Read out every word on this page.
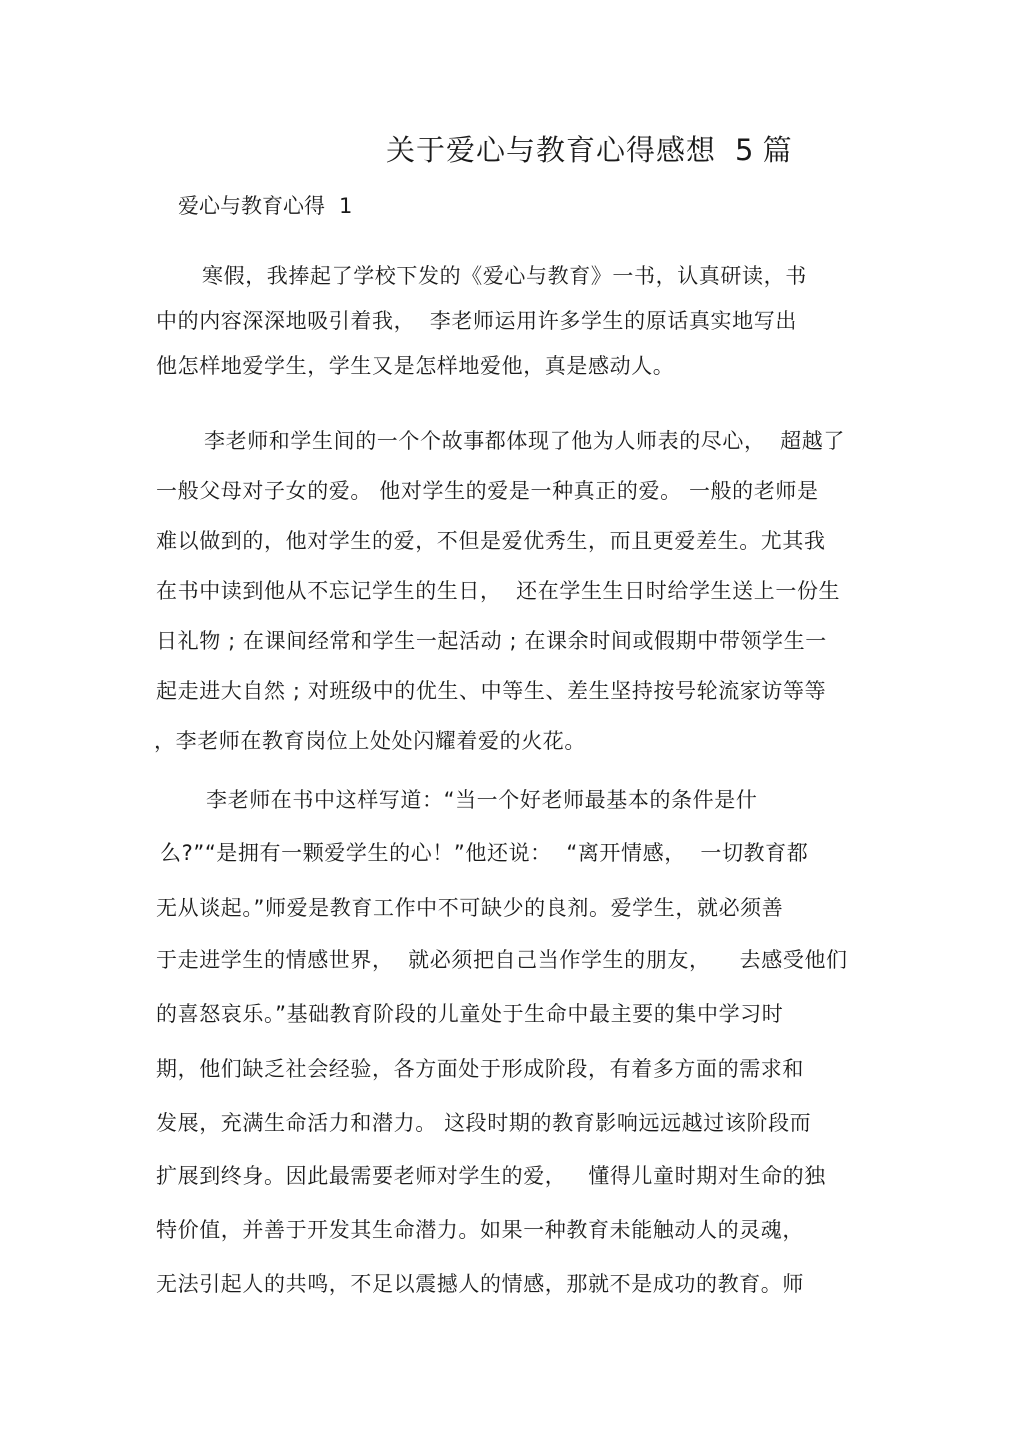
关于爱心与教育心得感想 5 篇
爱心与教育心得 1
寒假，我捧起了学校下发的《爱心与教育》一书，认真研读，书
中的内容深深地吸引着我，  李老师运用许多学生的原话真实地写出
他怎样地爱学生，学生又是怎样地爱他，真是感动人。
李老师和学生间的一个个故事都体现了他为人师表的尽心，  超越了
一般父母对子女的爱。 他对学生的爱是一种真正的爱。 一般的老师是
难以做到的，他对学生的爱，不但是爱优秀生，而且更爱差生。尤其我
在书中读到他从不忘记学生的生日，  还在学生生日时给学生送上一份生
日礼物 ; 在课间经常和学生一起活动 ; 在课余时间或假期中带领学生一
起走进大自然 ; 对班级中的优生、中等生、差生坚持按号轮流家访等等
，李老师在教育岗位上处处闪耀着爱的火花。
李老师在书中这样写道：“当一个好老师最基本的条件是什
么?”“是拥有一颗爱学生的心！”他还说：  “离开情感，  一切教育都
无从谈起。”师爱是教育工作中不可缺少的良剂。爱学生，就必须善
于走进学生的情感世界，  就必须把自己当作学生的朋友，    去感受他们
的喜怒哀乐。”基础教育阶段的儿童处于生命中最主要的集中学习时
期，他们缺乏社会经验，各方面处于形成阶段，有着多方面的需求和
发展，充满生命活力和潜力。 这段时期的教育影响远远越过该阶段而
扩展到终身。因此最需要老师对学生的爱，   懂得儿童时期对生命的独
特价值，并善于开发其生命潜力。如果一种教育未能触动人的灵魂，
无法引起人的共鸣，不足以震撼人的情感，那就不是成功的教育。师
